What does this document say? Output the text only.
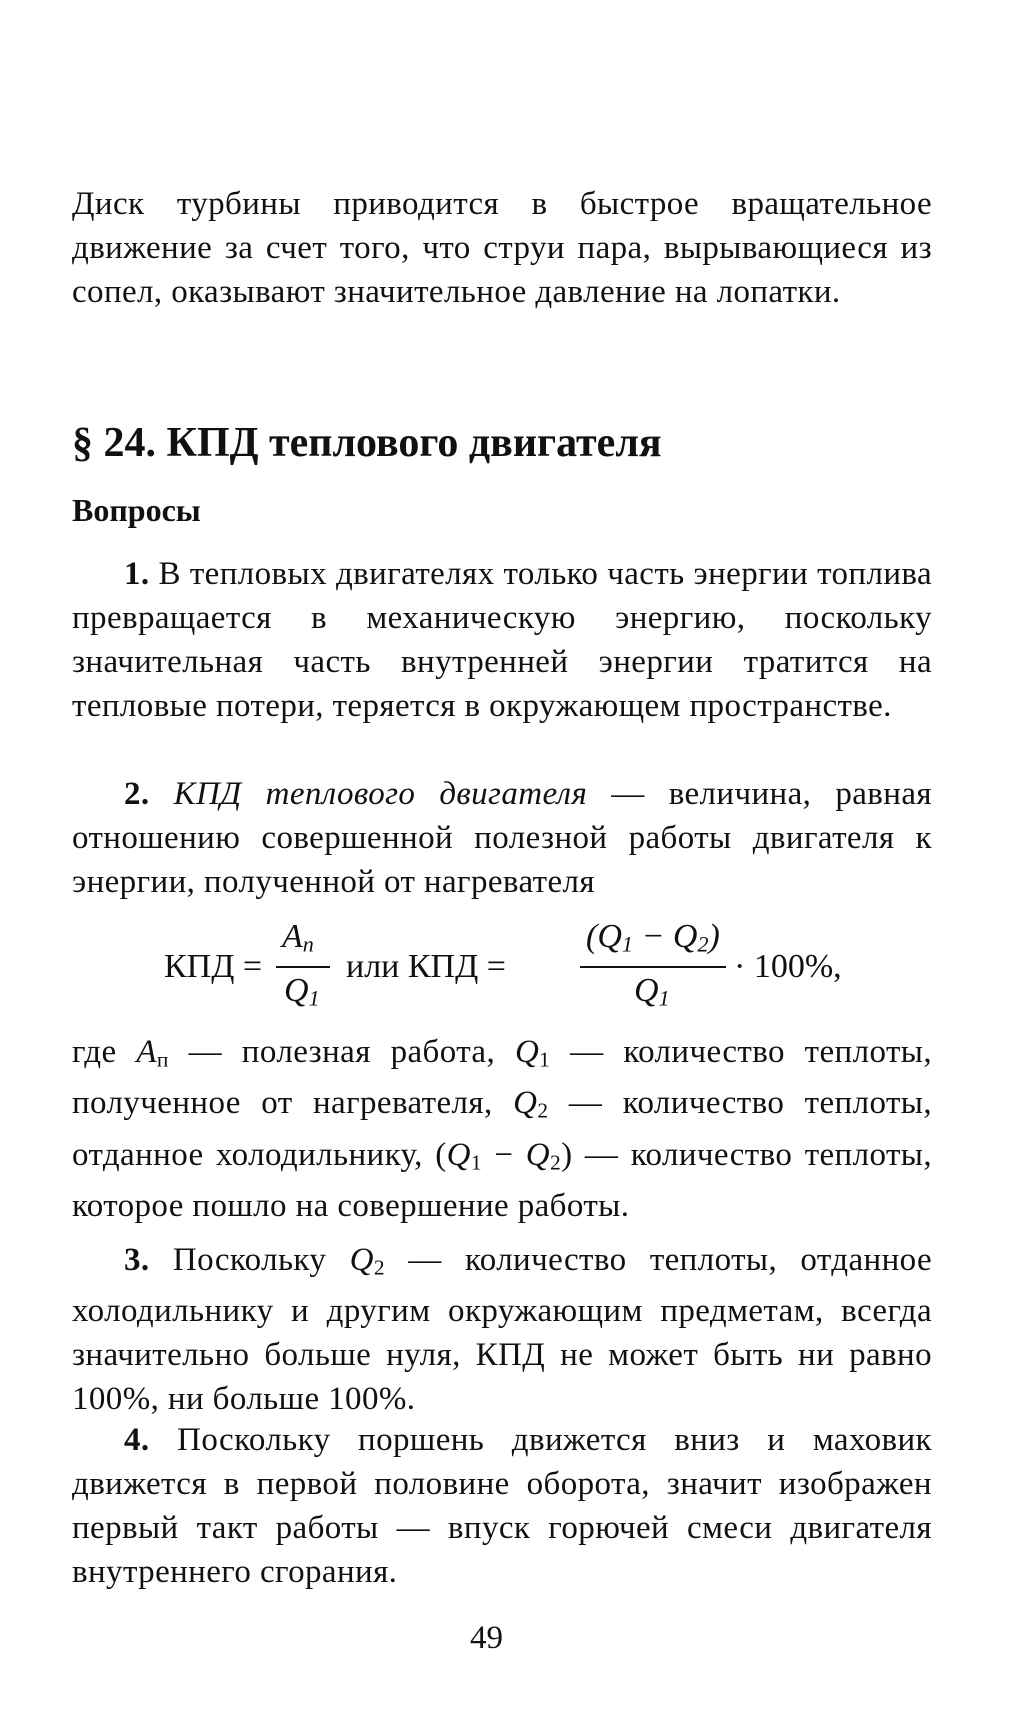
Диск турбины приводится в быстрое вращательное движение за счет того, что струи пара, вырывающиеся из сопел, оказывают значительное давление на лопатки.

§ 24. КПД теплового двигателя
Вопросы

1. В тепловых двигателях только часть энергии топлива превращается в механическую энергию, поскольку значительная часть внутренней энергии тратится на тепловые потери, теряется в окружающем пространстве.

2. КПД теплового двигателя — величина, равная отношению совершенной полезной работы двигателя к энергии, полученной от нагревателя

КПД =
$A_п$
$Q_1$
или КПД =
$(Q_1 - Q_2)$
$Q_1$
· 100%,

где $A_п$ — полезная работа, $Q_1$ — количество теплоты, полученное от нагревателя, $Q_2$ — количество теплоты, отданное холодильнику, $(Q_1 - Q_2)$ — количество теплоты, которое пошло на совершение работы.

3. Поскольку $Q_2$ — количество теплоты, отданное холодильнику и другим окружающим предметам, всегда значительно больше нуля, КПД не может быть ни равно 100%, ни больше 100%.

4. Поскольку поршень движется вниз и маховик движется в первой половине оборота, значит изображен первый такт работы — впуск горючей смеси двигателя внутреннего сгорания.

49
